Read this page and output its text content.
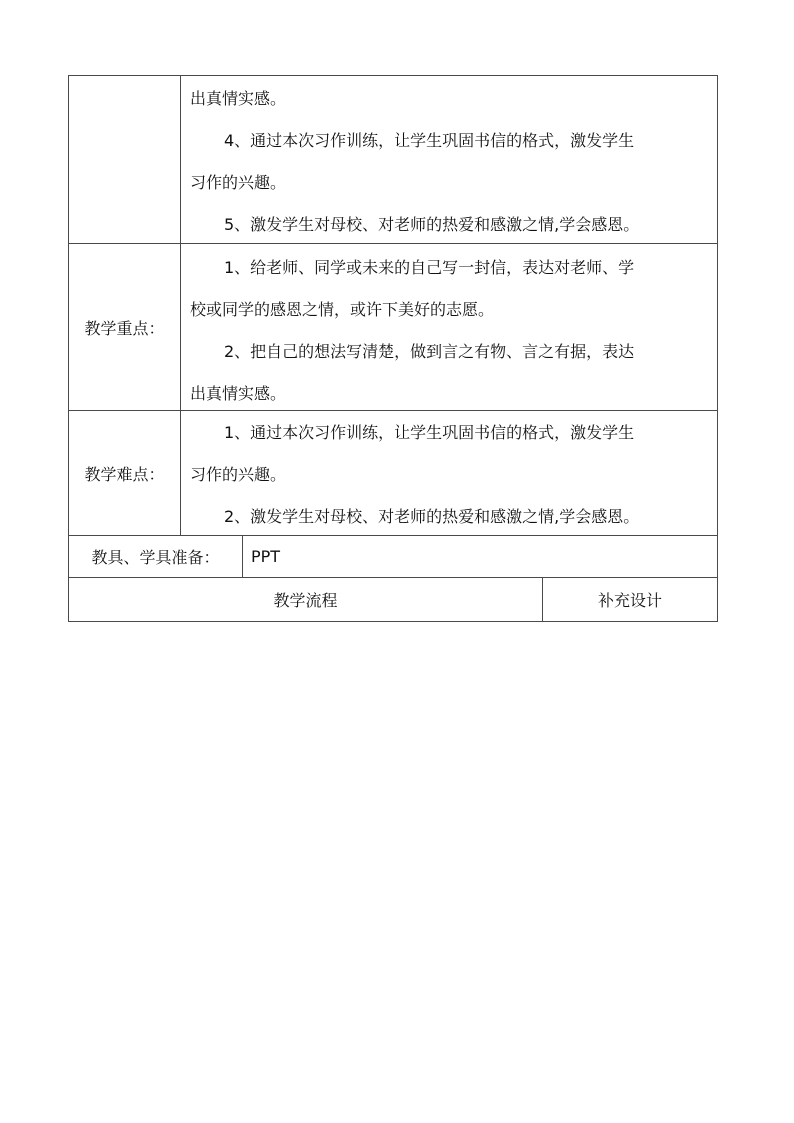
出真情实感。
4、通过本次习作训练，让学生巩固书信的格式，激发学生
习作的兴趣。
5、激发学生对母校、对老师的热爱和感激之情,学会感恩。
教学重点：
1、给老师、同学或未来的自己写一封信，表达对老师、学
校或同学的感恩之情，或许下美好的志愿。
2、把自己的想法写清楚，做到言之有物、言之有据，表达
出真情实感。
教学难点：
1、通过本次习作训练，让学生巩固书信的格式，激发学生
习作的兴趣。
2、激发学生对母校、对老师的热爱和感激之情,学会感恩。
教具、学具准备：	PPT
教学流程	补充设计
